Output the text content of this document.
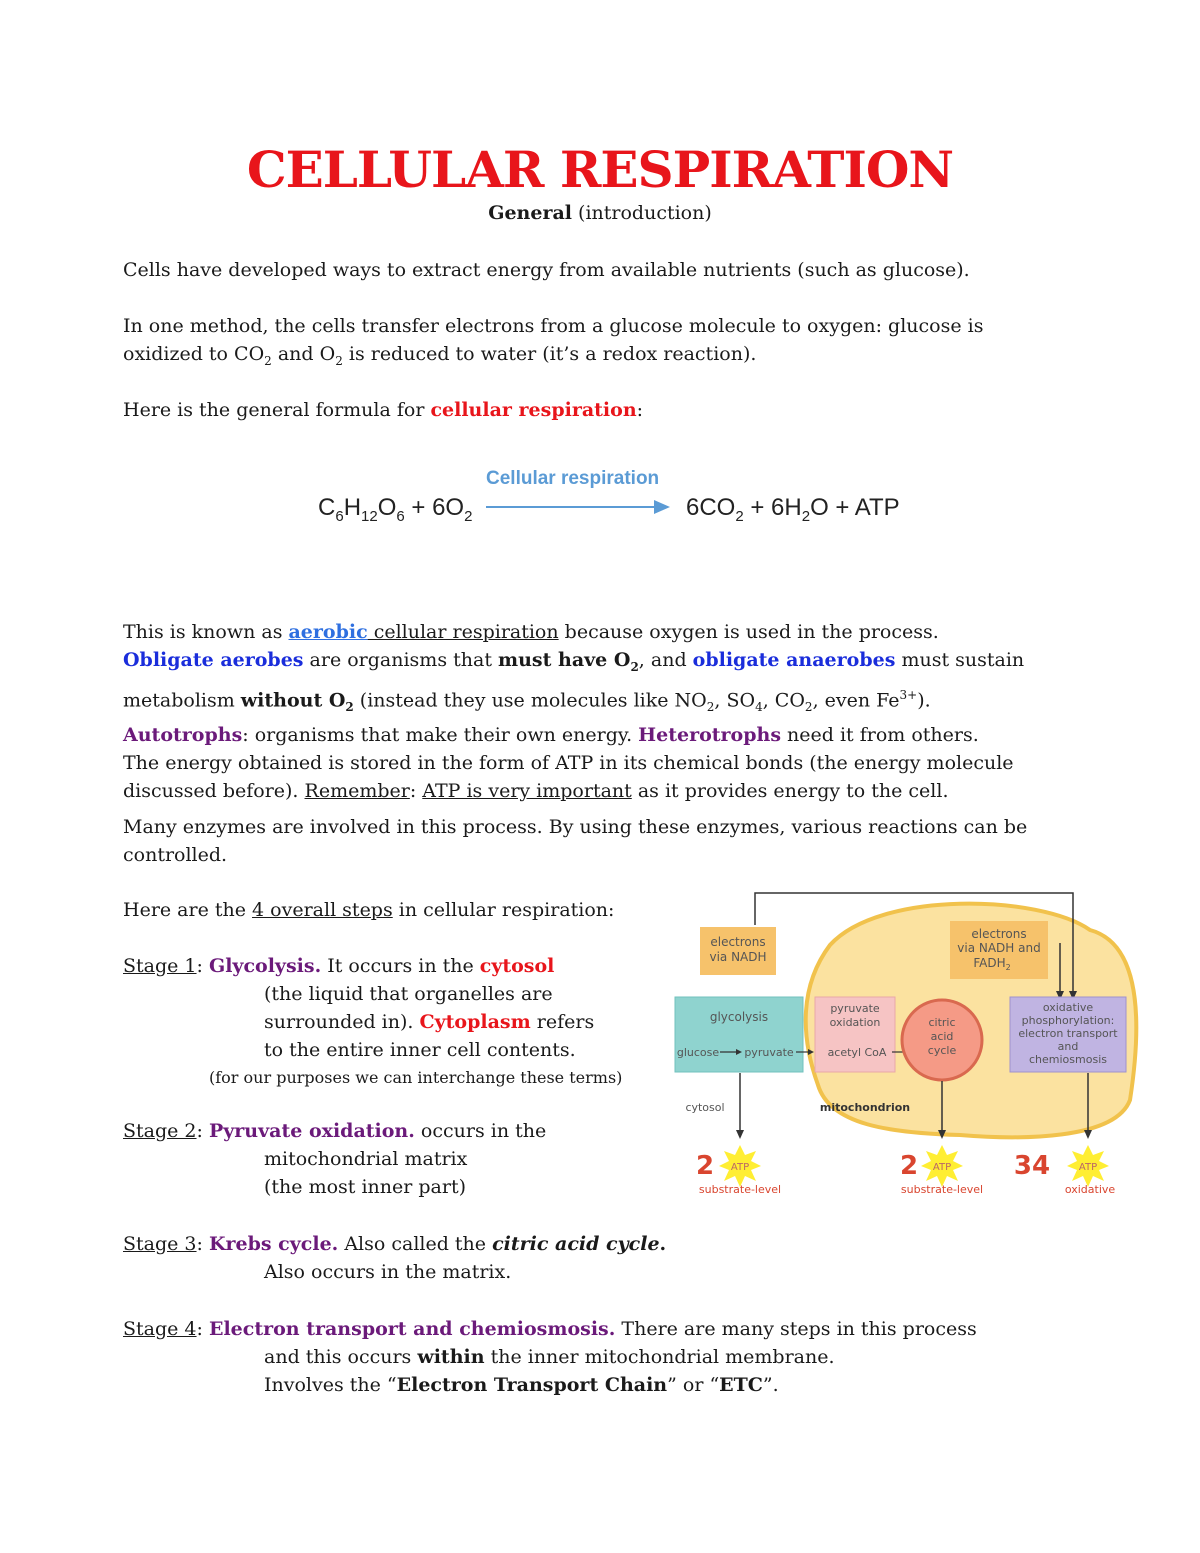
CELLULAR RESPIRATION
General (introduction)
Cells have developed ways to extract energy from available nutrients (such as glucose).
In one method, the cells transfer electrons from a glucose molecule to oxygen: glucose is
oxidized to $CO_2$ and $O_2$ is reduced to water (it’s a redox reaction).
Here is the general formula for cellular respiration:
Cellular respiration
$C_6H_{12}O_6 + 6O_2$	$6CO_2 + 6H_2O$ + ATP
This is known as aerobic cellular respiration because oxygen is used in the process.
Obligate aerobes are organisms that must have $O_2$, and obligate anaerobes must sustain
metabolism without $O_2$ (instead they use molecules like $NO_2$, $SO_4$, $CO_2$, even $Fe^{3+}$).
Autotrophs: organisms that make their own energy. Heterotrophs need it from others.
The energy obtained is stored in the form of ATP in its chemical bonds (the energy molecule
discussed before). Remember: ATP is very important as it provides energy to the cell.
Many enzymes are involved in this process. By using these enzymes, various reactions can be
controlled.
Here are the 4 overall steps in cellular respiration:
Stage 1: Glycolysis. It occurs in the cytosol
(the liquid that organelles are
surrounded in). Cytoplasm refers
to the entire inner cell contents.
(for our purposes we can interchange these terms)
Stage 2: Pyruvate oxidation. occurs in the
mitochondrial matrix
(the most inner part)
Stage 3: Krebs cycle. Also called the citric acid cycle.
Also occurs in the matrix.
Stage 4: Electron transport and chemiosmosis. There are many steps in this process
and this occurs within the inner mitochondrial membrane.
Involves the “Electron Transport Chain” or “ETC”.
electrons
via NADH
electrons
via NADH and
$FADH_2$
glycolysis
glucose pyruvate
pyruvate
oxidation
acetyl CoA
citric
acid
cycle
oxidative
phosphorylation:
electron transport
and
chemiosmosis
cytosol	mitochondrion
ATP	ATP	ATP
2	2	34
substrate-level	substrate-level	oxidative
